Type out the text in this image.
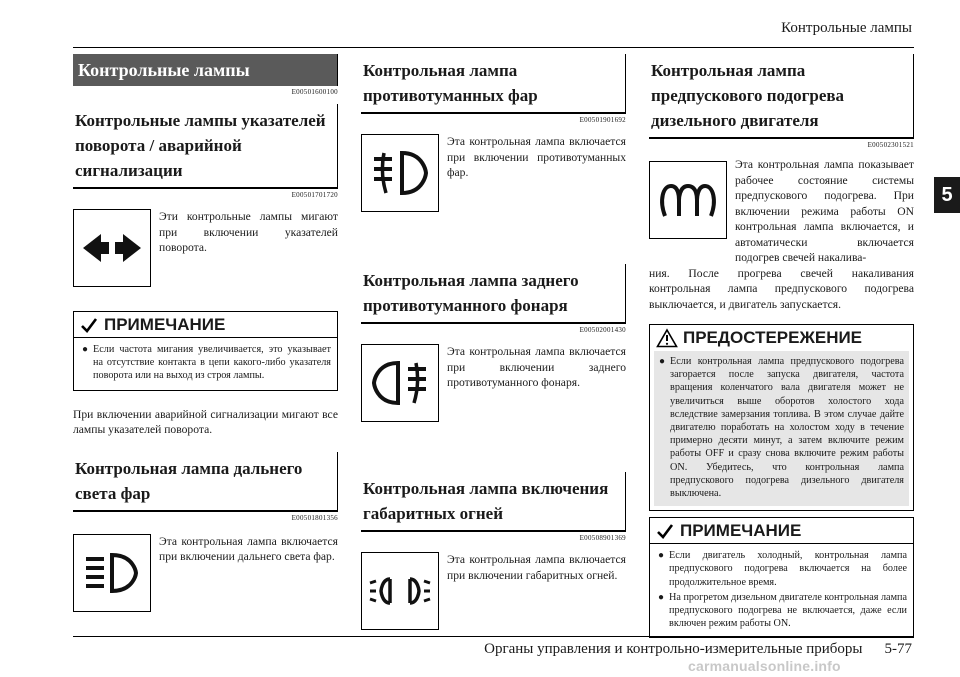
Контрольные лампы
5
Контрольные лампы
E00501600100
Контрольные лампы указателей поворота / аварийной сигнализации
E00501701720

Эти контрольные лампы мигают при включении указателей поворота.

ПРИМЕЧАНИЕ
● Если частота мигания увеличивается, это указывает на отсутствие контакта в цепи какого-либо указателя поворота или на выход из строя лампы.

При включении аварийной сигнализации мигают все лампы указателей поворота.

Контрольная лампа дальнего света фар
E00501801356

Эта контрольная лампа включается при включении дальнего света фар.

Контрольная лампа противотуманных фар
E00501901692

Эта контрольная лампа включается при включении противотуманных фар.

Контрольная лампа заднего противотуманного фонаря
E00502001430

Эта контрольная лампа включается при включении заднего противотуманного фонаря.

Контрольная лампа включения габаритных огней
E00508901369

Эта контрольная лампа включается при включении габаритных огней.

Контрольная лампа предпускового подогрева дизельного двигателя
E00502301521

Эта контрольная лампа показывает рабочее состояние системы предпускового подогрева. При включении режима работы ON контрольная лампа включается, и автоматически включается подогрев свечей накалива-

ния. После прогрева свечей накаливания контрольная лампа предпускового подогрева выключается, и двигатель запускается.

ПРЕДОСТЕРЕЖЕНИЕ
● Если контрольная лампа предпускового подогрева загорается после запуска двигателя, частота вращения коленчатого вала двигателя может не увеличиться выше оборотов холостого хода вследствие замерзания топлива. В этом случае дайте двигателю поработать на холостом ходу в течение примерно десяти минут, а затем включите режим работы OFF и сразу снова включите режим работы ON. Убедитесь, что контрольная лампа предпускового подогрева дизельного двигателя выключена.
ПРИМЕЧАНИЕ
● Если двигатель холодный, контрольная лампа предпускового подогрева включается на более продолжительное время.
● На прогретом дизельном двигателе контрольная лампа предпускового подогрева не включается, даже если включен режим работы ON.
Органы управления и контрольно-измерительные приборы 5-77
carmanualsonline.info
